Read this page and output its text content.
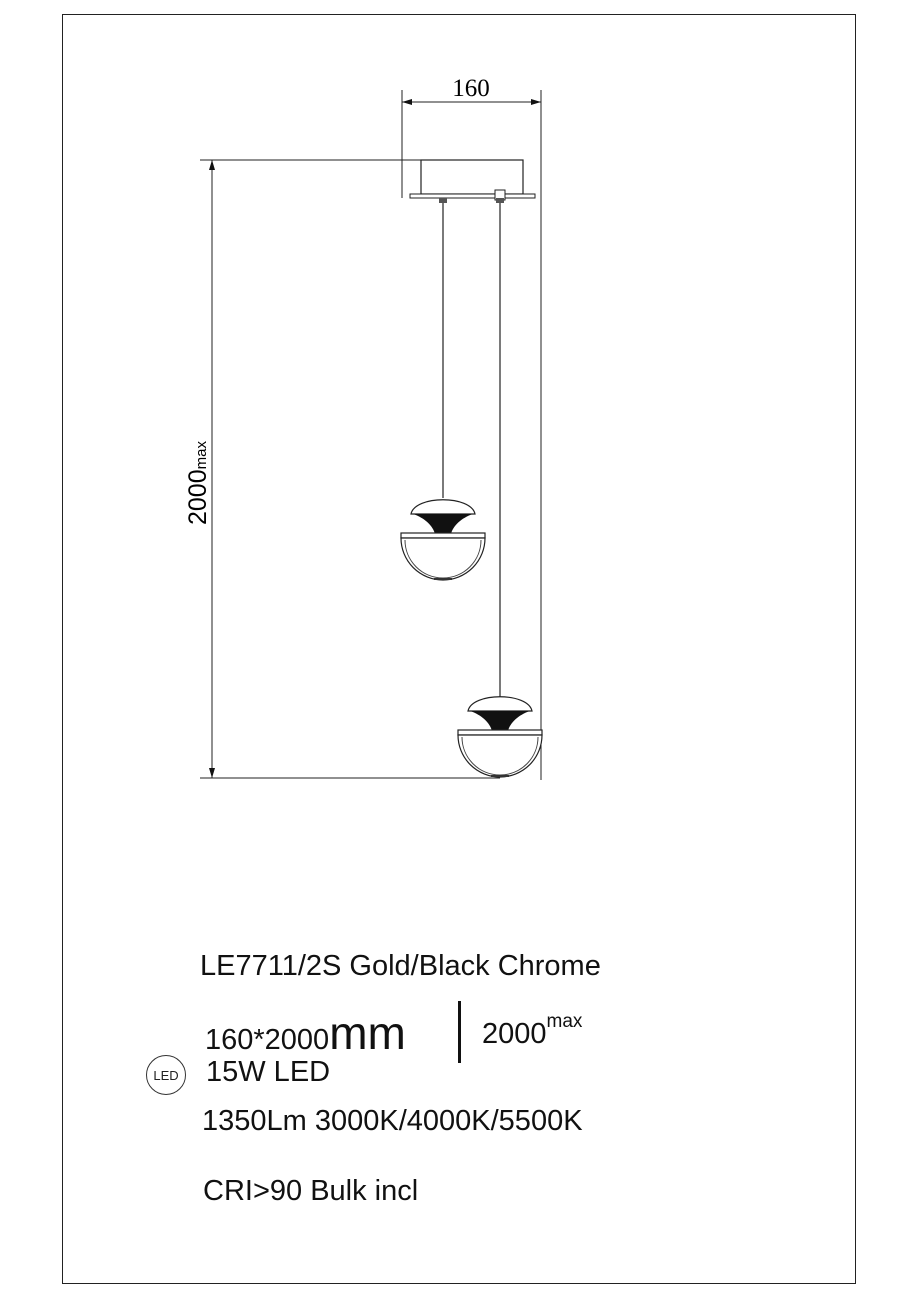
160
2000max
LE7711/2S Gold/Black Chrome
160*2000mm	$2000^{max}$
LED 15W LED
1350Lm 3000K/4000K/5500K
CRI>90 Bulk incl
